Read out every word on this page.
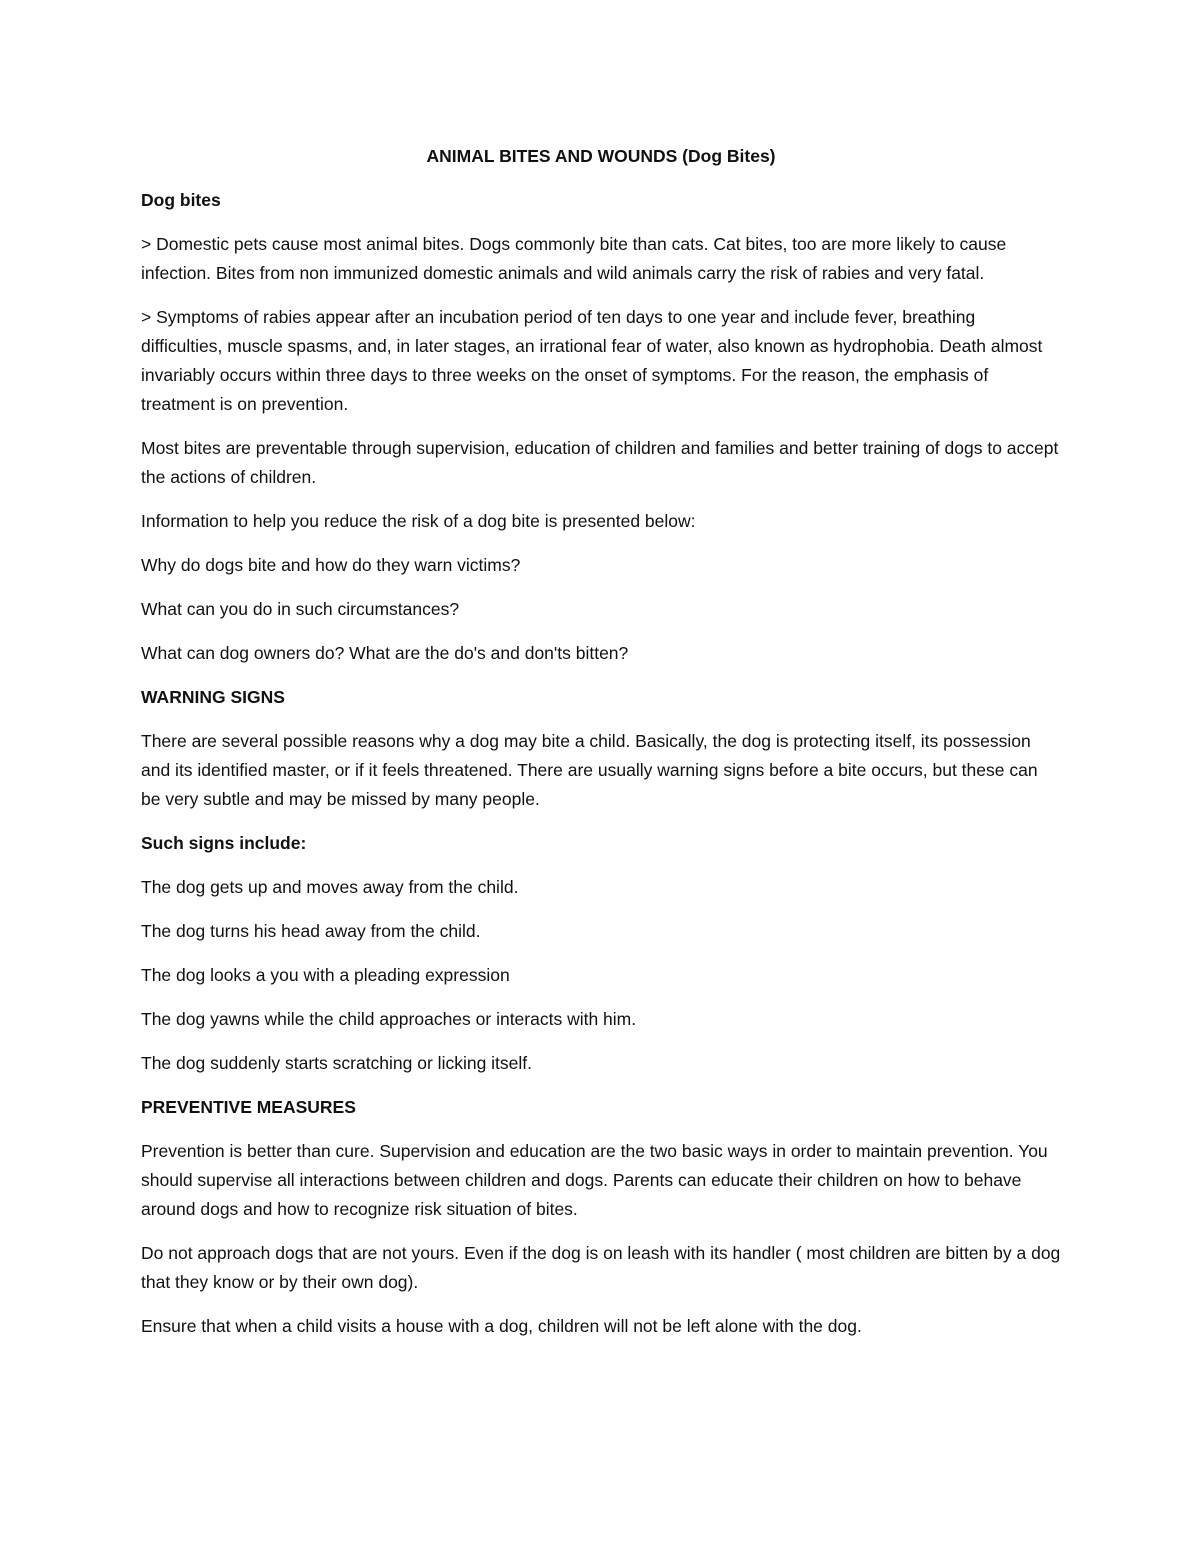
ANIMAL BITES AND WOUNDS (Dog Bites)
Dog bites
> Domestic pets cause most animal bites. Dogs commonly bite than cats. Cat bites, too are more likely to cause infection. Bites from non immunized domestic animals and wild animals carry the risk of rabies and very fatal.
> Symptoms of rabies appear after an incubation period of ten days to one year and include fever, breathing difficulties, muscle spasms, and, in later stages, an irrational fear of water, also known as hydrophobia. Death almost invariably occurs within three days to three weeks on the onset of symptoms. For the reason, the emphasis of treatment is on prevention.
Most bites are preventable through supervision, education of children and families and better training of dogs to accept the actions of children.
Information to help you reduce the risk of a dog bite is presented below:
Why do dogs bite and how do they warn victims?
What can you do in such circumstances?
What can dog owners do? What are the do's and don'ts bitten?
WARNING SIGNS
There are several possible reasons why a dog may bite a child. Basically, the dog is protecting itself, its possession and its identified master, or if it feels threatened. There are usually warning signs before a bite occurs, but these can be very subtle and may be missed by many people.
Such signs include:
The dog gets up and moves away from the child.
The dog turns his head away from the child.
The dog looks a you with a pleading expression
The dog yawns while the child approaches or interacts with him.
The dog suddenly starts scratching or licking itself.
PREVENTIVE MEASURES
Prevention is better than cure. Supervision and education are the two basic ways in order to maintain prevention. You should supervise all interactions between children and dogs. Parents can educate their children on how to behave around dogs and how to recognize risk situation of bites.
Do not approach dogs that are not yours. Even if the dog is on leash with its handler ( most children are bitten by a dog that they know or by their own dog).
Ensure that when a child visits a house with a dog, children will not be left alone with the dog.
